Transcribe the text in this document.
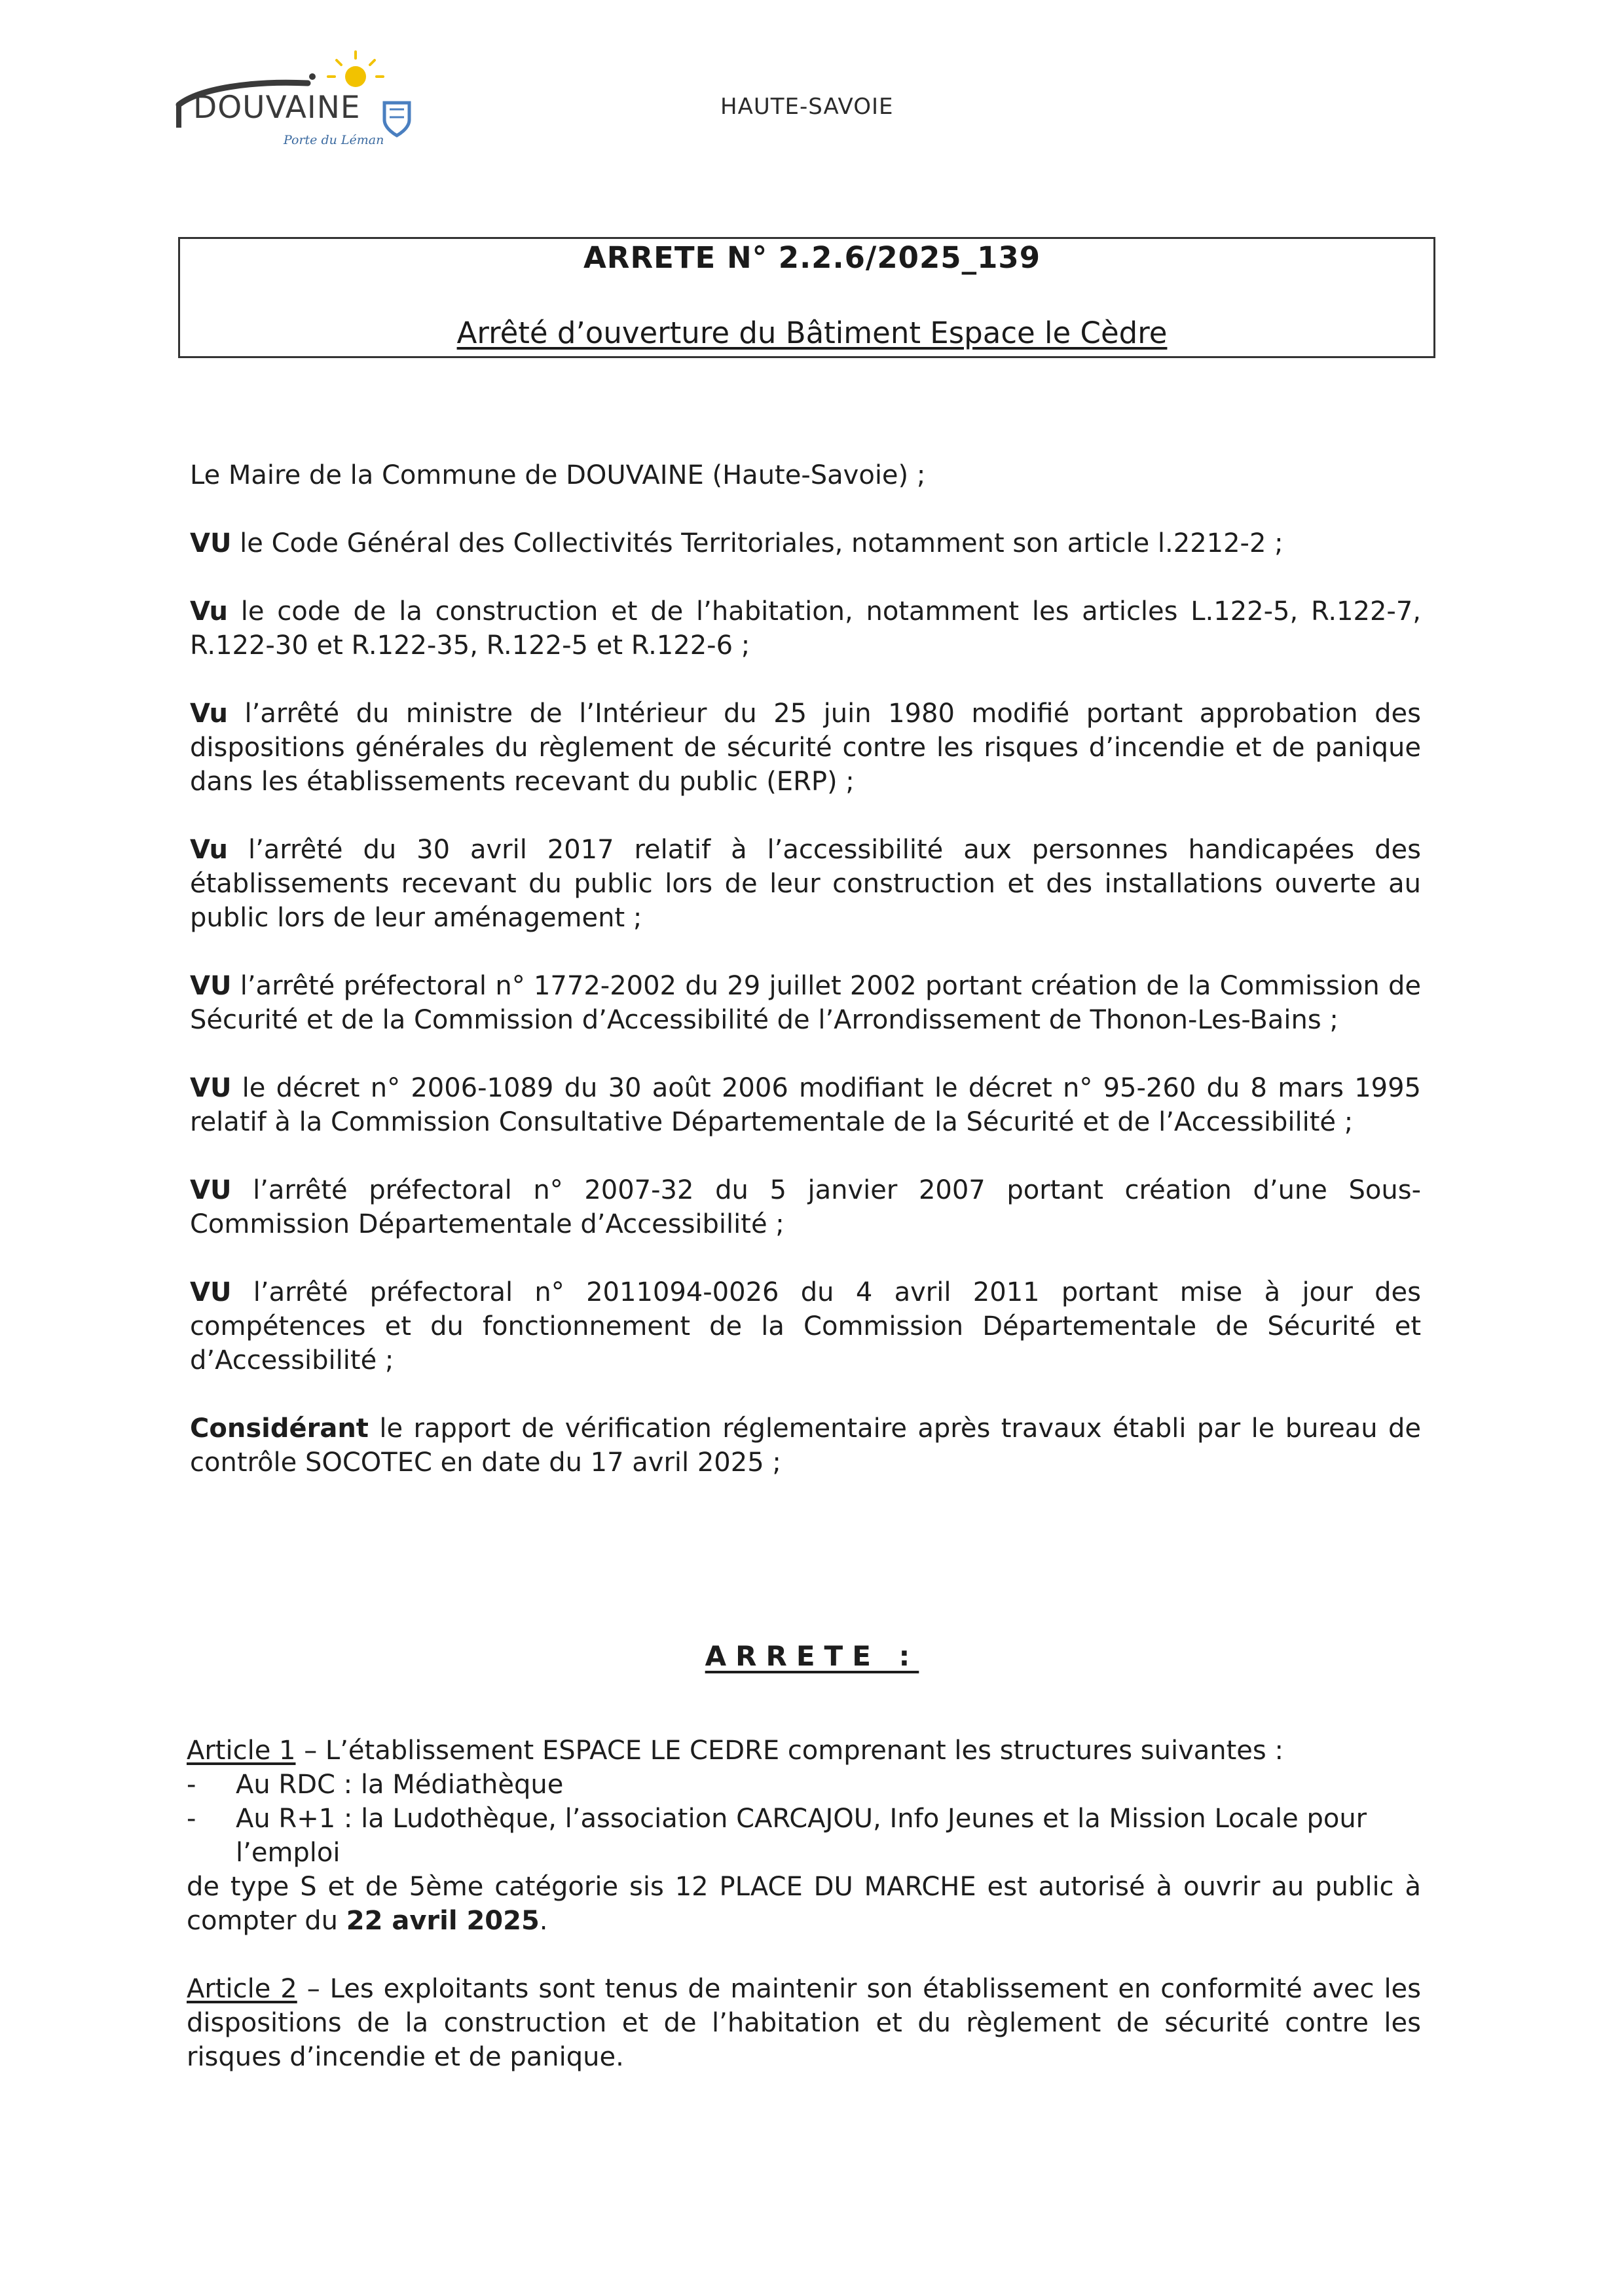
DOUVAINE
Porte du Léman
HAUTE-SAVOIE
ARRETE N° 2.2.6/2025_139
Arrêté d’ouverture du Bâtiment Espace le Cèdre

Le Maire de la Commune de DOUVAINE (Haute-Savoie) ;

VU le Code Général des Collectivités Territoriales, notamment son article l.2212-2 ;

Vu le code de la construction et de l’habitation, notamment les articles L.122-5, R.122-7, R.122-30 et R.122-35, R.122-5 et R.122-6 ;

Vu l’arrêté du ministre de l’Intérieur du 25 juin 1980 modifié portant approbation des dispositions générales du règlement de sécurité contre les risques d’incendie et de panique dans les établissements recevant du public (ERP) ;

Vu l’arrêté du 30 avril 2017 relatif à l’accessibilité aux personnes handicapées des établissements recevant du public lors de leur construction et des installations ouverte au public lors de leur aménagement ;

VU l’arrêté préfectoral n° 1772-2002 du 29 juillet 2002 portant création de la Commission de Sécurité et de la Commission d’Accessibilité de l’Arrondissement de Thonon-Les-Bains ;

VU le décret n° 2006-1089 du 30 août 2006 modifiant le décret n° 95-260 du 8 mars 1995 relatif à la Commission Consultative Départementale de la Sécurité et de l’Accessibilité ;

VU l’arrêté préfectoral n° 2007-32 du 5 janvier 2007 portant création d’une Sous-Commission Départementale d’Accessibilité ;

VU l’arrêté préfectoral n° 2011094-0026 du 4 avril 2011 portant mise à jour des compétences et du fonctionnement de la Commission Départementale de Sécurité et d’Accessibilité ;

Considérant le rapport de vérification réglementaire après travaux établi par le bureau de contrôle SOCOTEC en date du 17 avril 2025 ;

ARRETE :

Article 1 – L’établissement ESPACE LE CEDRE comprenant les structures suivantes :

- Au RDC : la Médiathèque
- Au R+1 : la Ludothèque, l’association CARCAJOU, Info Jeunes et la Mission Locale pour l’emploi

de type S et de 5ème catégorie sis 12 PLACE DU MARCHE est autorisé à ouvrir au public à compter du 22 avril 2025.

Article 2 – Les exploitants sont tenus de maintenir son établissement en conformité avec les dispositions de la construction et de l’habitation et du règlement de sécurité contre les risques d’incendie et de panique.
